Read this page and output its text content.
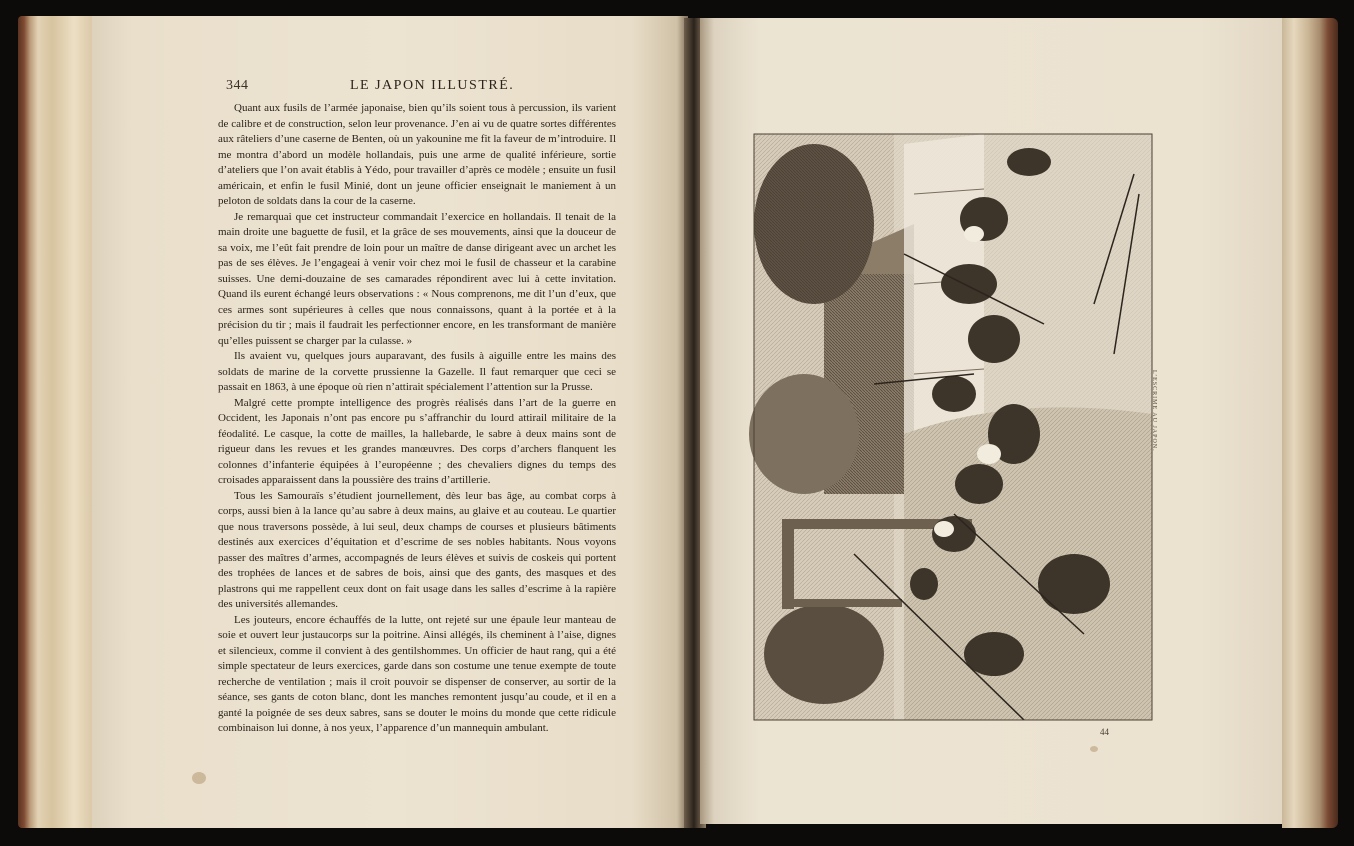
344	LE JAPON ILLUSTRÉ.

Quant aux fusils de l’armée japonaise, bien qu’ils soient tous à percussion, ils varient de calibre et de construction, selon leur provenance. J’en ai vu de quatre sortes différentes aux râteliers d’une caserne de Benten, où un yakounine me fit la faveur de m’introduire. Il me montra d’abord un modèle hollandais, puis une arme de qualité inférieure, sortie d’ateliers que l’on avait établis à Yédo, pour travailler d’après ce modèle ; ensuite un fusil américain, et enfin le fusil Minié, dont un jeune officier enseignait le maniement à un peloton de soldats dans la cour de la caserne.

Je remarquai que cet instructeur commandait l’exercice en hollandais. Il tenait de la main droite une baguette de fusil, et la grâce de ses mouvements, ainsi que la douceur de sa voix, me l’eût fait prendre de loin pour un maître de danse dirigeant avec un archet les pas de ses élèves. Je l’engageai à venir voir chez moi le fusil de chasseur et la carabine suisses. Une demi-douzaine de ses camarades répondirent avec lui à cette invitation. Quand ils eurent échangé leurs observations : « Nous comprenons, me dit l’un d’eux, que ces armes sont supérieures à celles que nous connaissons, quant à la portée et à la précision du tir ; mais il faudrait les perfectionner encore, en les transformant de manière qu’elles puissent se charger par la culasse. »

Ils avaient vu, quelques jours auparavant, des fusils à aiguille entre les mains des soldats de marine de la corvette prussienne la Gazelle. Il faut remarquer que ceci se passait en 1863, à une époque où rien n’attirait spécialement l’attention sur la Prusse.

Malgré cette prompte intelligence des progrès réalisés dans l’art de la guerre en Occident, les Japonais n’ont pas encore pu s’affranchir du lourd attirail militaire de la féodalité. Le casque, la cotte de mailles, la hallebarde, le sabre à deux mains sont de rigueur dans les revues et les grandes manœuvres. Des corps d’archers flanquent les colonnes d’infanterie équipées à l’européenne ; des chevaliers dignes du temps des croisades apparaissent dans la poussière des trains d’artillerie.

Tous les Samouraïs s’étudient journellement, dès leur bas âge, au combat corps à corps, aussi bien à la lance qu’au sabre à deux mains, au glaive et au couteau. Le quartier que nous traversons possède, à lui seul, deux champs de courses et plusieurs bâtiments destinés aux exercices d’équitation et d’escrime de ses nobles habitants. Nous voyons passer des maîtres d’armes, accompagnés de leurs élèves et suivis de coskeis qui portent des trophées de lances et de sabres de bois, ainsi que des gants, des masques et des plastrons qui me rappellent ceux dont on fait usage dans les salles d’escrime à la rapière des universités allemandes.

Les jouteurs, encore échauffés de la lutte, ont rejeté sur une épaule leur manteau de soie et ouvert leur justaucorps sur la poitrine. Ainsi allégés, ils cheminent à l’aise, dignes et silencieux, comme il convient à des gentilshommes. Un officier de haut rang, qui a été simple spectateur de leurs exercices, garde dans son costume une tenue exempte de toute recherche de ventilation ; mais il croit pouvoir se dispenser de conserver, au sortir de la séance, ses gants de coton blanc, dont les manches remontent jusqu’au coude, et il en a ganté la poignée de ses deux sabres, sans se douter le moins du monde que cette ridicule combinaison lui donne, à nos yeux, l’apparence d’un mannequin ambulant.	44
L’ESCRIME AU JAPON.
